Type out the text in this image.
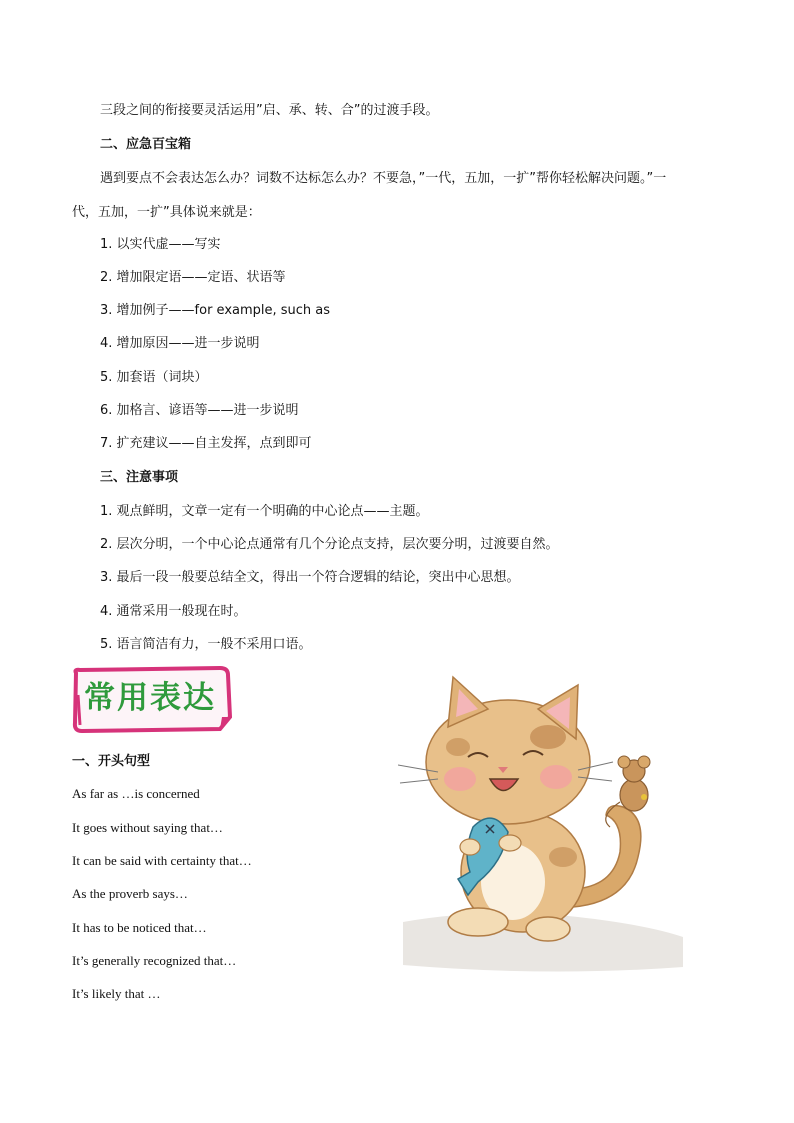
三段之间的衔接要灵活运用”启、承、转、合”的过渡手段。
二、应急百宝箱
遇到要点不会表达怎么办？词数不达标怎么办？不要急，”一代，五加，一扩”帮你轻松解决问题。”一
代，五加，一扩”具体说来就是：
1. 以实代虚——写实
2. 增加限定语——定语、状语等
3. 增加例子——for example, such as
4. 增加原因——进一步说明
5. 加套语（词块）
6. 加格言、谚语等——进一步说明
7. 扩充建议——自主发挥，点到即可
三、注意事项
1. 观点鲜明，文章一定有一个明确的中心论点——主题。
2. 层次分明，一个中心论点通常有几个分论点支持，层次要分明，过渡要自然。
3. 最后一段一般要总结全文，得出一个符合逻辑的结论，突出中心思想。
4. 通常采用一般现在时。
5. 语言简洁有力，一般不采用口语。
常用表达
一、开头句型
As far as …is concerned
It goes without saying that…
It can be said with certainty that…
As the proverb says…
It has to be noticed that…
It’s generally recognized that…
It’s likely that …
